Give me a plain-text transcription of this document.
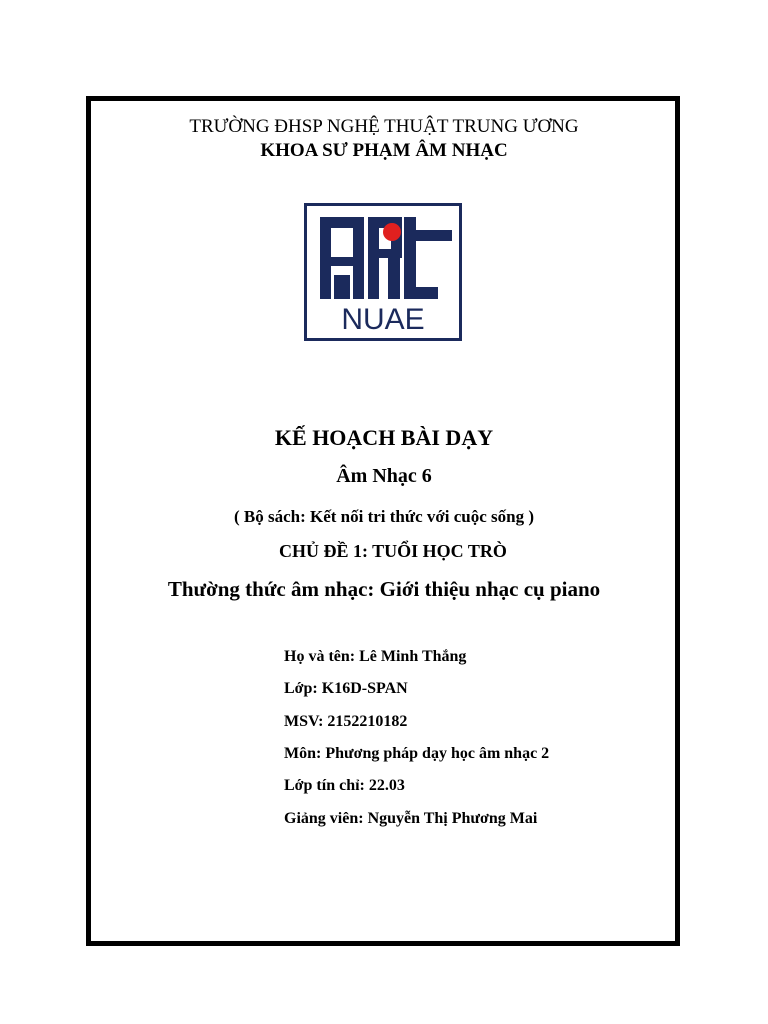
TRƯỜNG ĐHSP NGHỆ THUẬT TRUNG ƯƠNG
KHOA SƯ PHẠM ÂM NHẠC
NUAE
KẾ HOẠCH BÀI DẠY
Âm Nhạc 6
( Bộ sách: Kết nối tri thức với cuộc sống )
CHỦ ĐỀ 1: TUỔI HỌC TRÒ
Thường thức âm nhạc: Giới thiệu nhạc cụ piano
Họ và tên: Lê Minh Thắng
Lớp: K16D-SPAN
MSV: 2152210182
Môn: Phương pháp dạy học âm nhạc 2
Lớp tín chỉ: 22.03
Giảng viên: Nguyễn Thị Phương Mai
